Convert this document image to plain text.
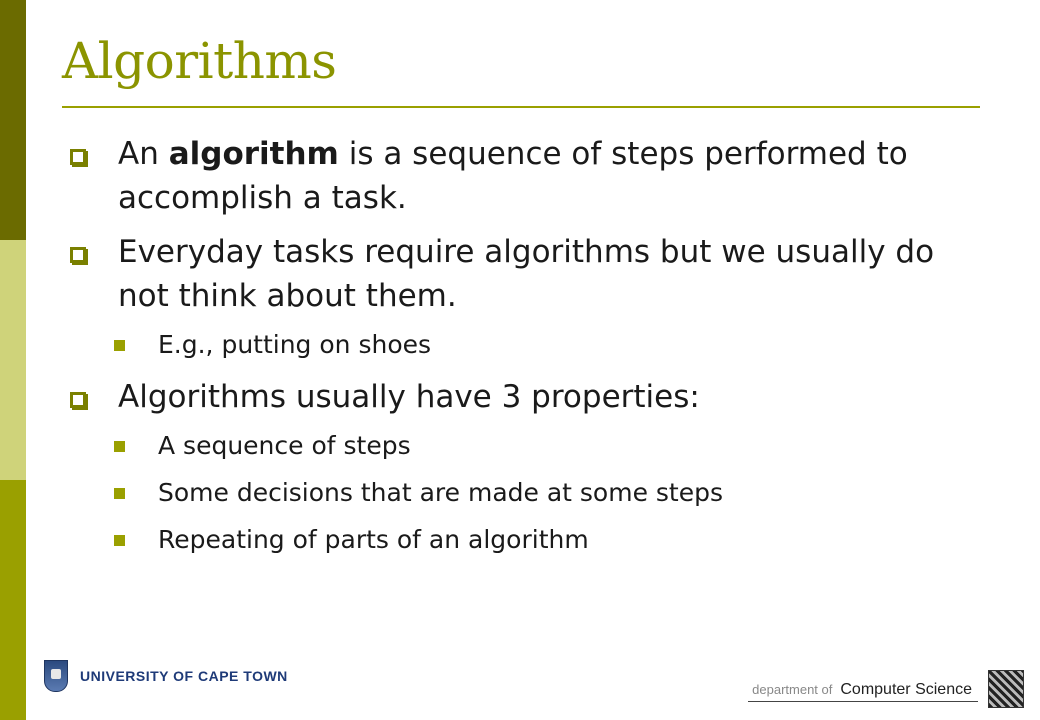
Algorithms
An algorithm is a sequence of steps performed to accomplish a task.
Everyday tasks require algorithms but we usually do not think about them.
E.g., putting on shoes
Algorithms usually have 3 properties:
A sequence of steps
Some decisions that are made at some steps
Repeating of parts of an algorithm
UNIVERSITY OF CAPE TOWN
department of Computer Science
